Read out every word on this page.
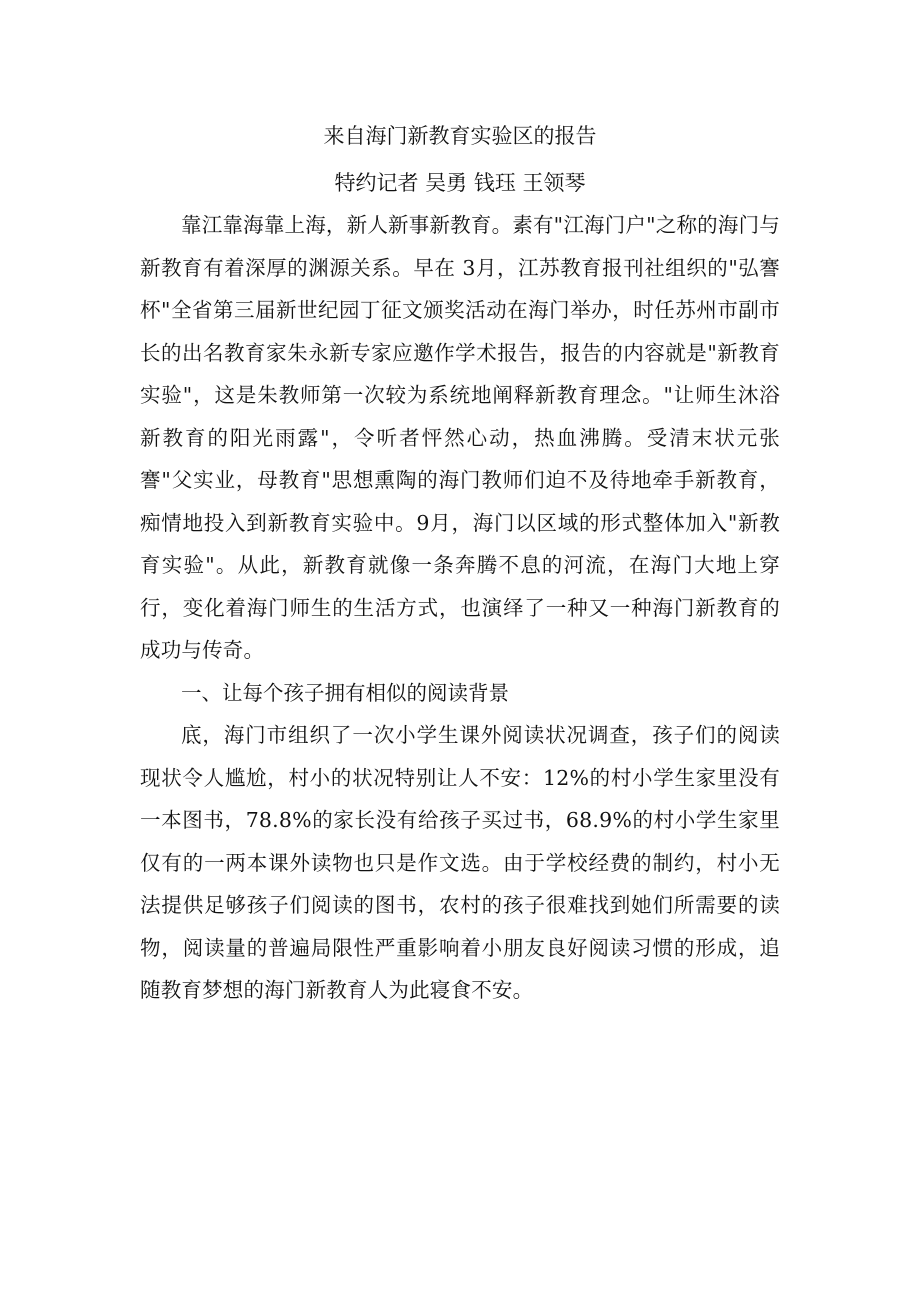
来自海门新教育实验区的报告
特约记者 吴勇 钱珏 王领琴

靠江靠海靠上海，新人新事新教育。素有"江海门户"之称的海门与新教育有着深厚的渊源关系。早在 3月，江苏教育报刊社组织的"弘謇杯"全省第三届新世纪园丁征文颁奖活动在海门举办，时任苏州市副市长的出名教育家朱永新专家应邀作学术报告，报告的内容就是"新教育实验"，这是朱教师第一次较为系统地阐释新教育理念。"让师生沐浴新教育的阳光雨露"，令听者怦然心动，热血沸腾。受清末状元张謇"父实业，母教育"思想熏陶的海门教师们迫不及待地牵手新教育，痴情地投入到新教育实验中。9月，海门以区域的形式整体加入"新教育实验"。从此，新教育就像一条奔腾不息的河流，在海门大地上穿行，变化着海门师生的生活方式，也演绎了一种又一种海门新教育的成功与传奇。

一、让每个孩子拥有相似的阅读背景

底，海门市组织了一次小学生课外阅读状况调查，孩子们的阅读现状令人尴尬，村小的状况特别让人不安：12%的村小学生家里没有一本图书，78.8%的家长没有给孩子买过书，68.9%的村小学生家里仅有的一两本课外读物也只是作文选。由于学校经费的制约，村小无法提供足够孩子们阅读的图书，农村的孩子很难找到她们所需要的读物，阅读量的普遍局限性严重影响着小朋友良好阅读习惯的形成，追随教育梦想的海门新教育人为此寝食不安。
